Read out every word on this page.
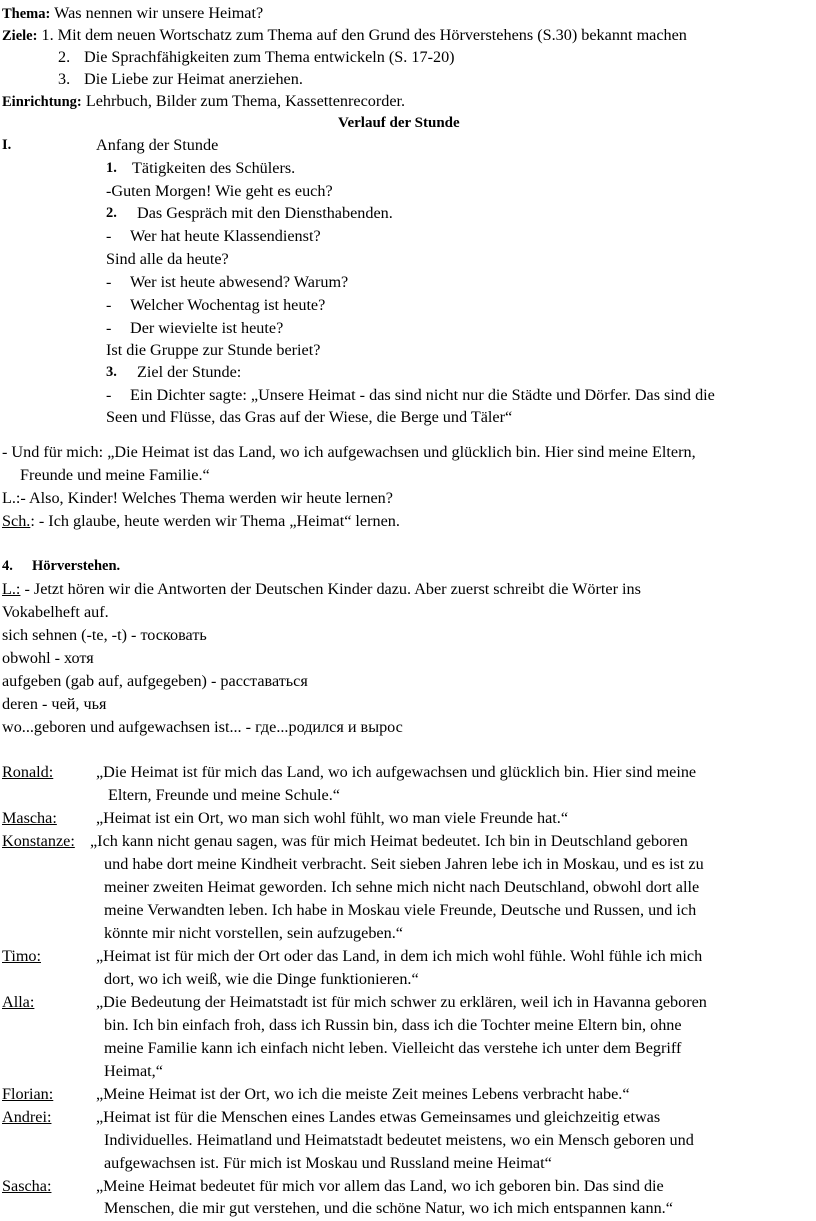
Thema: Was nennen wir unsere Heimat?
Ziele: 1. Mit dem neuen Wortschatz zum Thema auf den Grund des Hörverstehens (S.30) bekannt machen
2. Die Sprachfähigkeiten zum Thema entwickeln (S. 17-20)
3. Die Liebe zur Heimat anerziehen.
Einrichtung: Lehrbuch, Bilder zum Thema, Kassettenrecorder.
Verlauf der Stunde
I.	Anfang der Stunde
1. Tätigkeiten des Schülers.
-Guten Morgen! Wie geht es euch?
2. Das Gespräch mit den Diensthabenden.
- Wer hat heute Klassendienst?
Sind alle da heute?
- Wer ist heute abwesend? Warum?
- Welcher Wochentag ist heute?
- Der wievielte ist heute?
Ist die Gruppe zur Stunde beriet?
3. Ziel der Stunde:
- Ein Dichter sagte: „Unsere Heimat - das sind nicht nur die Städte und Dörfer. Das sind die
Seen und Flüsse, das Gras auf der Wiese, die Berge und Täler“
- Und für mich: „Die Heimat ist das Land, wo ich aufgewachsen und glücklich bin. Hier sind meine Eltern,
Freunde und meine Familie.“
L.:- Also, Kinder! Welches Thema werden wir heute lernen?
Sch.: - Ich glaube, heute werden wir Thema „Heimat“ lernen.
4. Hörverstehen.
L.: - Jetzt hören wir die Antworten der Deutschen Kinder dazu. Aber zuerst schreibt die Wörter ins
Vokabelheft auf.
sich sehnen (-te, -t) - тосковать
obwohl - хотя
aufgeben (gab auf, aufgegeben) - расставаться
deren - чей, чья
wo...geboren und aufgewachsen ist... - где...родился и вырос
Ronald:	„Die Heimat ist für mich das Land, wo ich aufgewachsen und glücklich bin. Hier sind meine
Eltern, Freunde und meine Schule.“
Mascha: „Heimat ist ein Ort, wo man sich wohl fühlt, wo man viele Freunde hat.“
Konstanze: „Ich kann nicht genau sagen, was für mich Heimat bedeutet. Ich bin in Deutschland geboren
und habe dort meine Kindheit verbracht. Seit sieben Jahren lebe ich in Moskau, und es ist zu
meiner zweiten Heimat geworden. Ich sehne mich nicht nach Deutschland, obwohl dort alle
meine Verwandten leben. Ich habe in Moskau viele Freunde, Deutsche und Russen, und ich
könnte mir nicht vorstellen, sein aufzugeben.“
Timo:	„Heimat ist für mich der Ort oder das Land, in dem ich mich wohl fühle. Wohl fühle ich mich
dort, wo ich weiß, wie die Dinge funktionieren.“
Alla:	„Die Bedeutung der Heimatstadt ist für mich schwer zu erklären, weil ich in Havanna geboren
bin. Ich bin einfach froh, dass ich Russin bin, dass ich die Tochter meine Eltern bin, ohne
meine Familie kann ich einfach nicht leben. Vielleicht das verstehe ich unter dem Begriff
Heimat,“
Florian:	„Meine Heimat ist der Ort, wo ich die meiste Zeit meines Lebens verbracht habe.“
Andrei:	„Heimat ist für die Menschen eines Landes etwas Gemeinsames und gleichzeitig etwas
Individuelles. Heimatland und Heimatstadt bedeutet meistens, wo ein Mensch geboren und
aufgewachsen ist. Für mich ist Moskau und Russland meine Heimat“
Sascha:	„Meine Heimat bedeutet für mich vor allem das Land, wo ich geboren bin. Das sind die
Menschen, die mir gut verstehen, und die schöne Natur, wo ich mich entspannen kann.“
